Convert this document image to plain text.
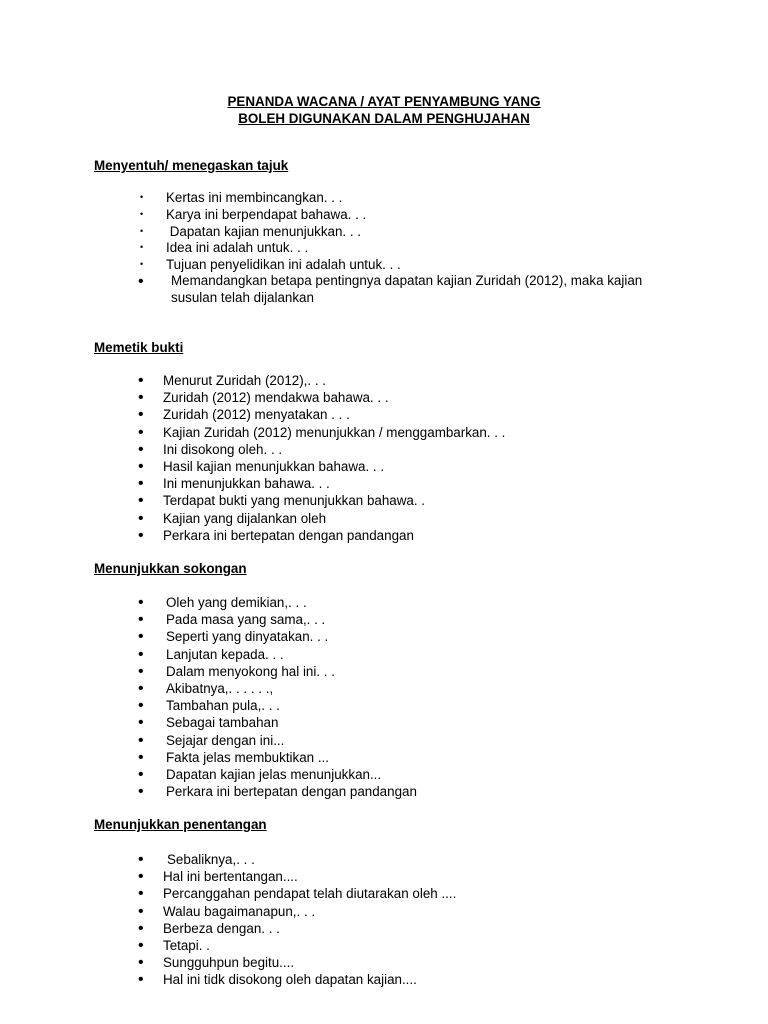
PENANDA WACANA / AYAT PENYAMBUNG YANG
BOLEH DIGUNAKAN DALAM PENGHUJAHAN
Menyentuh/ menegaskan tajuk
• Kertas ini membincangkan. . .
• Karya ini berpendapat bahawa. . .
• Dapatan kajian menunjukkan. . .
• Idea ini adalah untuk. . .
• Tujuan penyelidikan ini adalah untuk. . .
• Memandangkan betapa pentingnya dapatan kajian Zuridah (2012), maka kajian susulan telah dijalankan
Memetik bukti
• Menurut Zuridah (2012),. . .
• Zuridah (2012) mendakwa bahawa. . .
• Zuridah (2012) menyatakan . . .
• Kajian Zuridah (2012) menunjukkan / menggambarkan. . .
• Ini disokong oleh. . .
• Hasil kajian menunjukkan bahawa. . .
• Ini menunjukkan bahawa. . .
• Terdapat bukti yang menunjukkan bahawa. .
• Kajian yang dijalankan oleh
• Perkara ini bertepatan dengan pandangan
Menunjukkan sokongan
• Oleh yang demikian,. . .
• Pada masa yang sama,. . .
• Seperti yang dinyatakan. . .
• Lanjutan kepada. . .
• Dalam menyokong hal ini. . .
• Akibatnya,. . . . . .,
• Tambahan pula,. . .
• Sebagai tambahan
• Sejajar dengan ini...
• Fakta jelas membuktikan ...
• Dapatan kajian jelas menunjukkan...
• Perkara ini bertepatan dengan pandangan
Menunjukkan penentangan
• Sebaliknya,. . .
• Hal ini bertentangan....
• Percanggahan pendapat telah diutarakan oleh ....
• Walau bagaimanapun,. . .
• Berbeza dengan. . .
• Tetapi. .
• Sungguhpun begitu....
• Hal ini tidk disokong oleh dapatan kajian....
